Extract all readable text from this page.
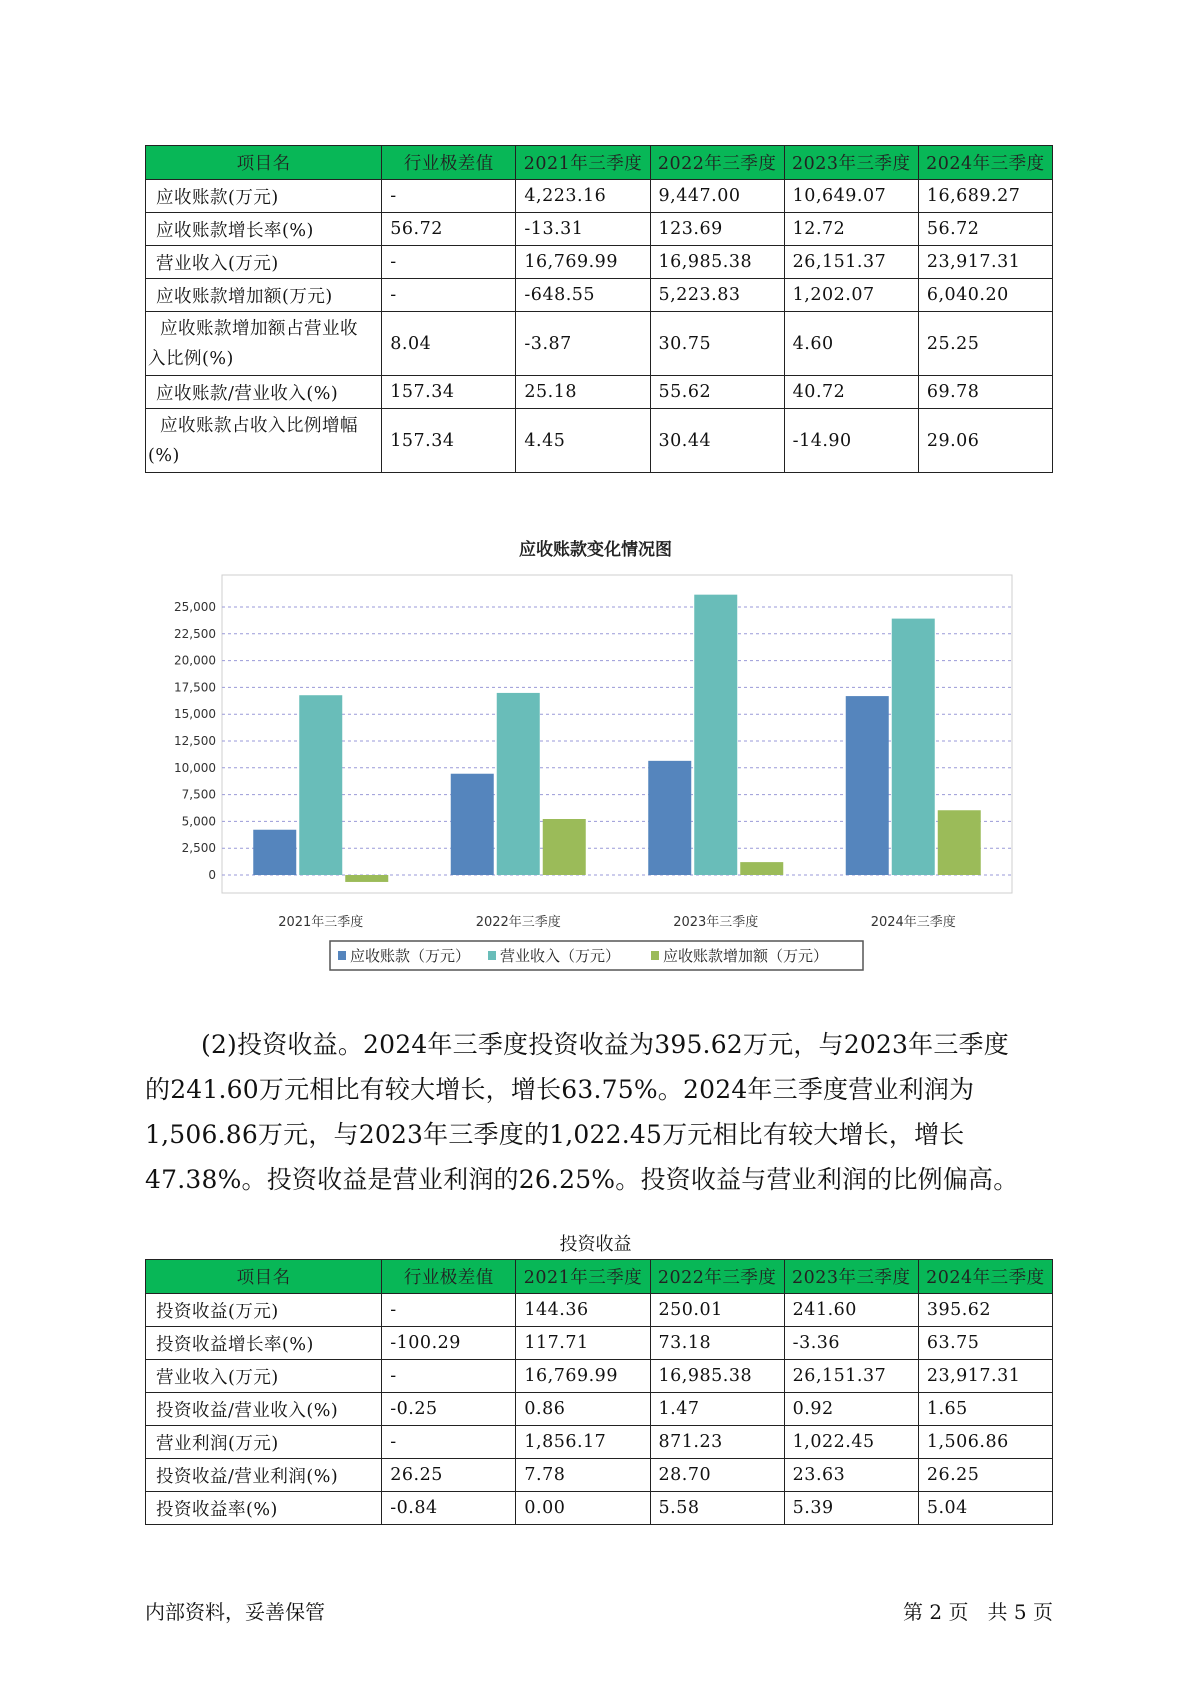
项目名	行业极差值	2021年三季度	2022年三季度	2023年三季度	2024年三季度
应收账款(万元)	-	4,223.16	9,447.00	10,649.07	16,689.27
应收账款增长率(%)	56.72	-13.31	123.69	12.72	56.72
营业收入(万元)	-	16,769.99	16,985.38	26,151.37	23,917.31
应收账款增加额(万元)	-	-648.55	5,223.83	1,202.07	6,040.20
应收账款增加额占营业收入比例(%)	8.04	-3.87	30.75	4.60	25.25
应收账款/营业收入(%)	157.34	25.18	55.62	40.72	69.78
应收账款占收入比例增幅(%)	157.34	4.45	30.44	-14.90	29.06
应收账款变化情况图
0
2,500
5,000
7,500
10,000
12,500
15,000
17,500
20,000
22,500
25,000
2021年三季度	2022年三季度	2023年三季度	2024年三季度
应收账款（万元） 营业收入（万元）	应收账款增加额（万元）

(2)投资收益。2024年三季度投资收益为395.62万元，与2023年三季度

的241.60万元相比有较大增长，增长63.75%。2024年三季度营业利润为

1,506.86万元，与2023年三季度的1,022.45万元相比有较大增长，增长

47.38%。投资收益是营业利润的26.25%。投资收益与营业利润的比例偏高。

投资收益
项目名	行业极差值	2021年三季度	2022年三季度	2023年三季度	2024年三季度
投资收益(万元)	-	144.36	250.01	241.60	395.62
投资收益增长率(%)	-100.29	117.71	73.18	-3.36	63.75
营业收入(万元)	-	16,769.99	16,985.38	26,151.37	23,917.31
投资收益/营业收入(%)	-0.25	0.86	1.47	0.92	1.65
营业利润(万元)	-	1,856.17	871.23	1,022.45	1,506.86
投资收益/营业利润(%)	26.25	7.78	28.70	23.63	26.25
投资收益率(%)	-0.84	0.00	5.58	5.39	5.04
内部资料，妥善保管	第 2 页   共 5 页
